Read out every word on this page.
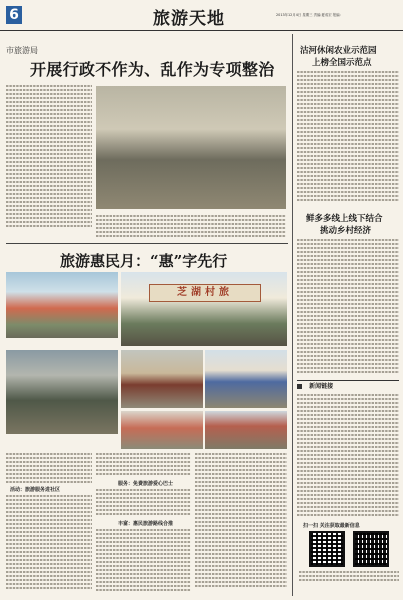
6	旅游天地	2013年12月4日 星期三 责编:夏成宏 报编:
市旅游局
开展行政不作为、乱作为专项整治
旅游惠民月：“惠”字先行
芝湖村旅
活动：旅游服务进社区
服务：免费旅游爱心巴士
丰富：惠民旅游路线合推
沽河休闲农业示范园
上榜全国示范点
鲜多多线上线下结合
挑动乡村经济
$^{新闻链接}$
扫一扫 关注获取最新信息
